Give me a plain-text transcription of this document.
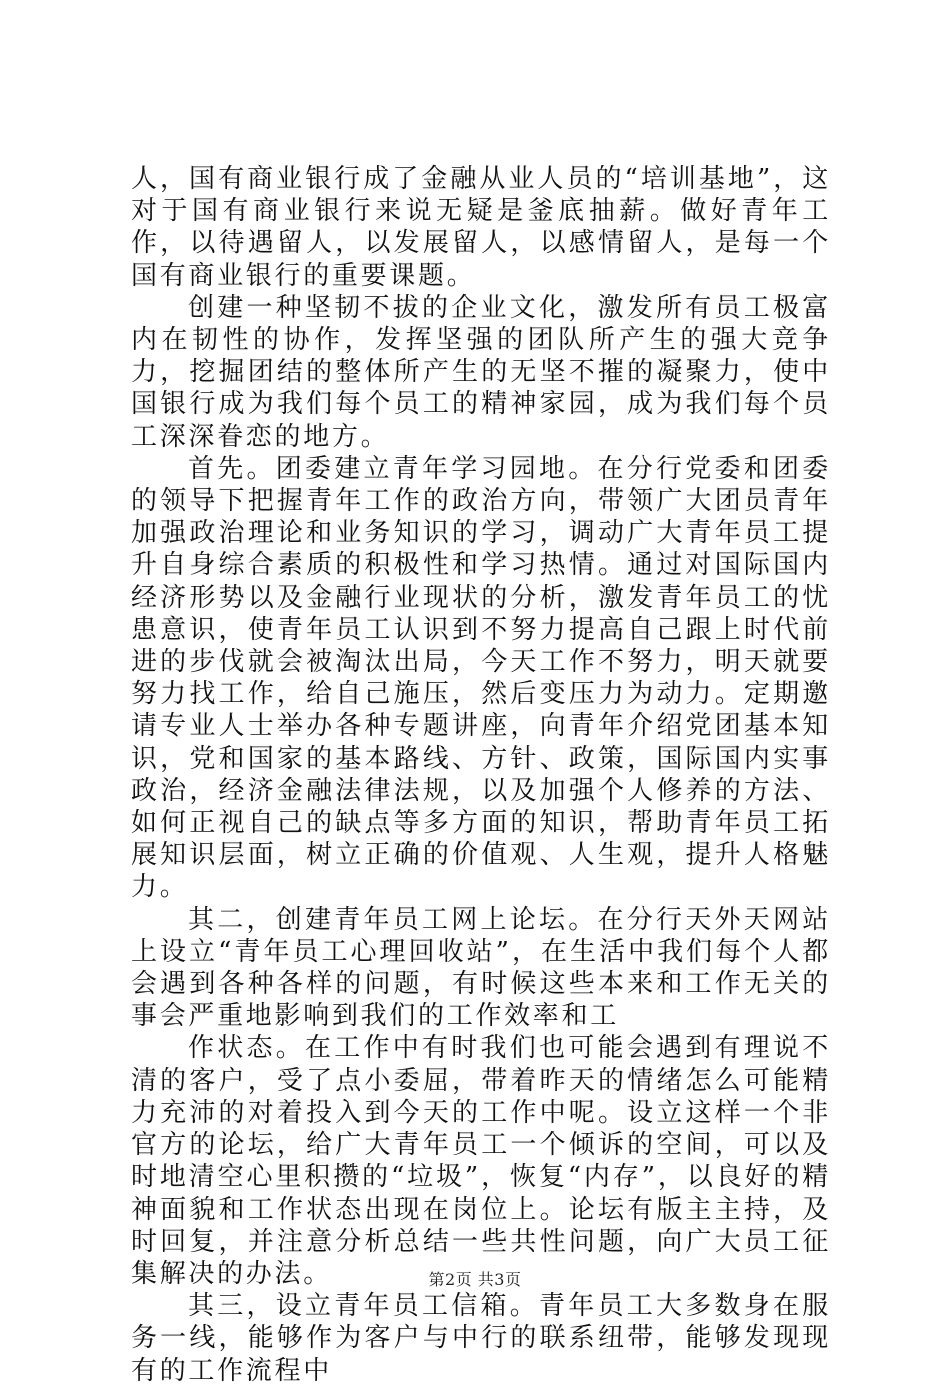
人，国有商业银行成了金融从业人员的“培训基地”，这对于国有商业银行来说无疑是釜底抽薪。做好青年工作，以待遇留人，以发展留人，以感情留人，是每一个国有商业银行的重要课题。

创建一种坚韧不拔的企业文化，激发所有员工极富内在韧性的协作，发挥坚强的团队所产生的强大竞争力，挖掘团结的整体所产生的无坚不摧的凝聚力，使中国银行成为我们每个员工的精神家园，成为我们每个员工深深眷恋的地方。

首先。团委建立青年学习园地。在分行党委和团委的领导下把握青年工作的政治方向，带领广大团员青年加强政治理论和业务知识的学习，调动广大青年员工提升自身综合素质的积极性和学习热情。通过对国际国内经济形势以及金融行业现状的分析，激发青年员工的忧患意识，使青年员工认识到不努力提高自己跟上时代前进的步伐就会被淘汰出局，今天工作不努力，明天就要努力找工作，给自己施压，然后变压力为动力。定期邀请专业人士举办各种专题讲座，向青年介绍党团基本知识，党和国家的基本路线、方针、政策，国际国内实事政治，经济金融法律法规，以及加强个人修养的方法、如何正视自己的缺点等多方面的知识，帮助青年员工拓展知识层面，树立正确的价值观、人生观，提升人格魅力。

其二，创建青年员工网上论坛。在分行天外天网站上设立“青年员工心理回收站”，在生活中我们每个人都会遇到各种各样的问题，有时候这些本来和工作无关的事会严重地影响到我们的工作效率和工

作状态。在工作中有时我们也可能会遇到有理说不清的客户，受了点小委屈，带着昨天的情绪怎么可能精力充沛的对着投入到今天的工作中呢。设立这样一个非官方的论坛，给广大青年员工一个倾诉的空间，可以及时地清空心里积攒的“垃圾”，恢复“内存”，以良好的精神面貌和工作状态出现在岗位上。论坛有版主主持，及时回复，并注意分析总结一些共性问题，向广大员工征集解决的办法。

其三，设立青年员工信箱。青年员工大多数身在服务一线，能够作为客户与中行的联系纽带，能够发现现有的工作流程中

第2页 共3页
